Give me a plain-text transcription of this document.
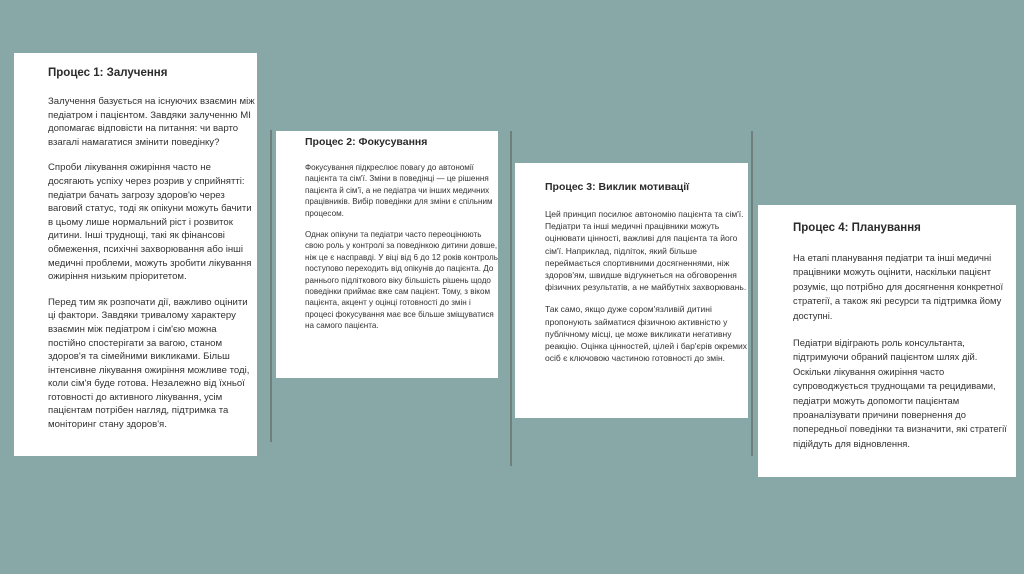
Процес 1: Залучення

Залучення базується на існуючих взаємин між педіатром і пацієнтом. Завдяки залученню MI допомагає відповісти на питання: чи варто взагалі намагатися змінити поведінку?

Спроби лікування ожиріння часто не досягають успіху через розрив у сприйнятті: педіатри бачать загрозу здоров'ю через ваговий статус, тоді як опікуни можуть бачити в цьому лише нормальний ріст і розвиток дитини. Інші труднощі, такі як фінансові обмеження, психічні захворювання або інші медичні проблеми, можуть зробити лікування ожиріння низьким пріоритетом.

Перед тим як розпочати дії, важливо оцінити ці фактори. Завдяки тривалому характеру взаємин між педіатром і сім'єю можна постійно спостерігати за вагою, станом здоров'я та сімейними викликами. Більш інтенсивне лікування ожиріння можливе тоді, коли сім'я буде готова. Незалежно від їхньої готовності до активного лікування, усім пацієнтам потрібен нагляд, підтримка та моніторинг стану здоров'я.

Процес 2: Фокусування

Фокусування підкреслює повагу до автономії пацієнта та сім'ї. Зміни в поведінці — це рішення пацієнта й сім'ї, а не педіатра чи інших медичних працівників. Вибір поведінки для зміни є спільним процесом.

Однак опікуни та педіатри часто переоцінюють свою роль у контролі за поведінкою дитини довше, ніж це є насправді. У віці від 6 до 12 років контроль поступово переходить від опікунів до пацієнта. До раннього підліткового віку більшість рішень щодо поведінки приймає вже сам пацієнт. Тому, з віком пацієнта, акцент у оцінці готовності до змін і процесі фокусування має все більше зміщуватися на самого пацієнта.

Процес 3: Виклик мотивації

Цей принцип посилює автономію пацієнта та сім'ї. Педіатри та інші медичні працівники можуть оцінювати цінності, важливі для пацієнта та його сім'ї. Наприклад, підліток, який більше переймається спортивними досягненнями, ніж здоров'ям, швидше відгукнеться на обговорення фізичних результатів, а не майбутніх захворювань.

Так само, якщо дуже сором'язливій дитині пропонують займатися фізичною активністю у публічному місці, це може викликати негативну реакцію. Оцінка цінностей, цілей і бар'єрів окремих осіб є ключовою частиною готовності до змін.

Процес 4: Планування

На етапі планування педіатри та інші медичні працівники можуть оцінити, наскільки пацієнт розуміє, що потрібно для досягнення конкретної стратегії, а також які ресурси та підтримка йому доступні.

Педіатри відіграють роль консультанта, підтримуючи обраний пацієнтом шлях дій. Оскільки лікування ожиріння часто супроводжується труднощами та рецидивами, педіатри можуть допомогти пацієнтам проаналізувати причини повернення до попередньої поведінки та визначити, які стратегії підійдуть для відновлення.
